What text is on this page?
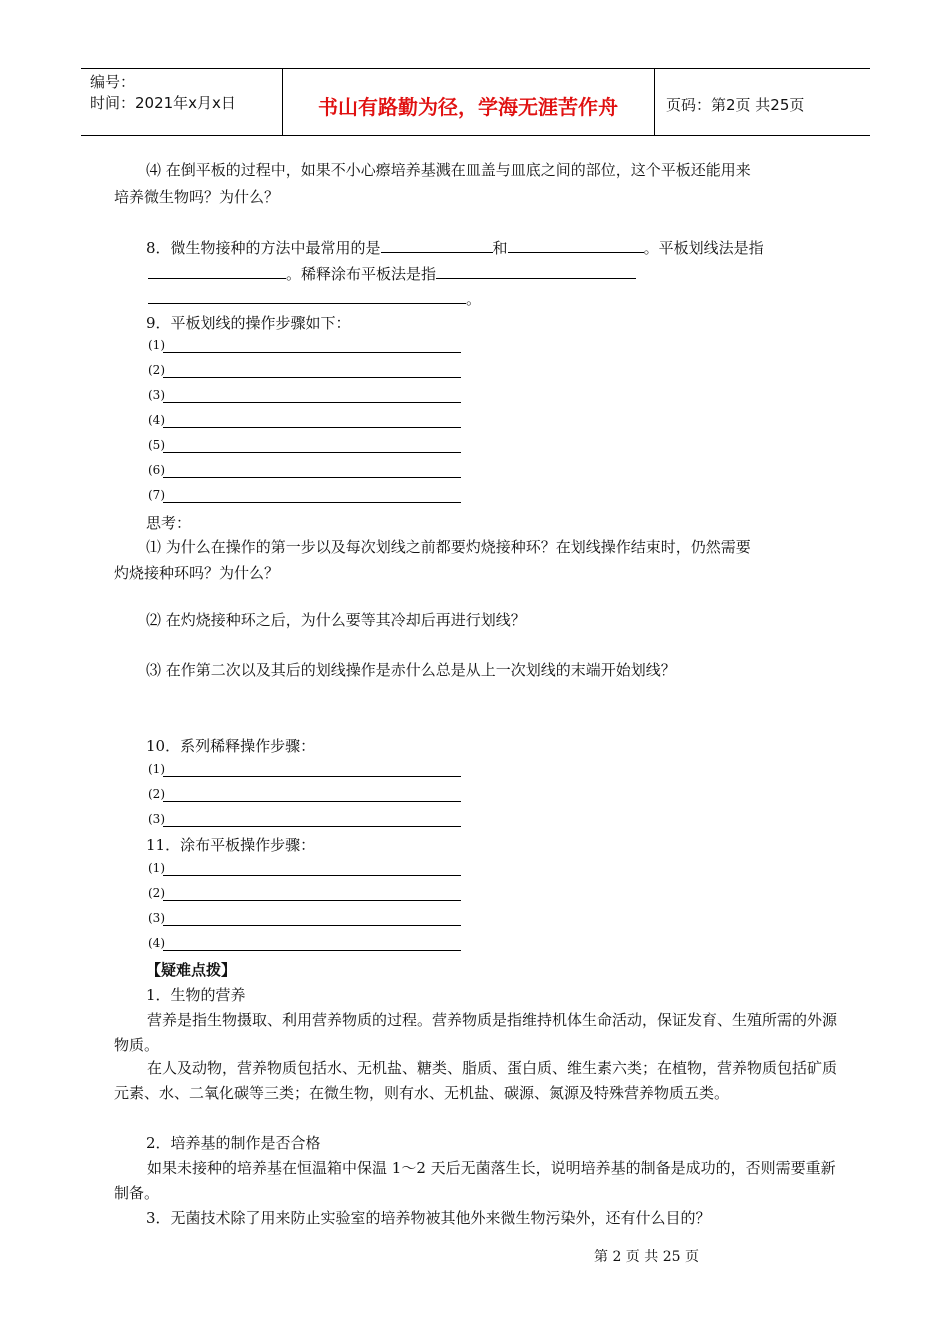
编号：
时间：2021年x月x日	书山有路勤为径，学海无涯苦作舟	页码：第2页 共25页
⑷ 在倒平板的过程中，如果不小心瘵培养基溅在皿盖与皿底之间的部位，这个平板还能用来
培养微生物吗？为什么？
8．微生物接种的方法中最常用的是	和	。平板划线法是指
。稀释涂布平板法是指
。
9．平板划线的操作步骤如下：
(1)
(2)
(3)
(4)
(5)
(6)
(7)
思考：
⑴ 为什么在操作的第一步以及每次划线之前都要灼烧接种环？在划线操作结束时，仍然需要
灼烧接种环吗？为什么？
⑵ 在灼烧接种环之后，为什么要等其冷却后再进行划线？
⑶ 在作第二次以及其后的划线操作是赤什么总是从上一次划线的末端开始划线？
10．系列稀释操作步骤：
(1)
(2)
(3)
11．涂布平板操作步骤：
(1)
(2)
(3)
(4)
【疑难点拨】
1．生物的营养
营养是指生物摄取、利用营养物质的过程。营养物质是指维持机体生命活动，保证发育、生殖所需的外源物质。
在人及动物，营养物质包括水、无机盐、糖类、脂质、蛋白质、维生素六类；在植物，营养物质包括矿质元素、水、二氧化碳等三类；在微生物，则有水、无机盐、碳源、氮源及特殊营养物质五类。
2．培养基的制作是否合格
如果未接种的培养基在恒温箱中保温 1～2 天后无菌落生长，说明培养基的制备是成功的，否则需要重新制备。
3．无菌技术除了用来防止实验室的培养物被其他外来微生物污染外，还有什么目的？
第 2 页 共 25 页
